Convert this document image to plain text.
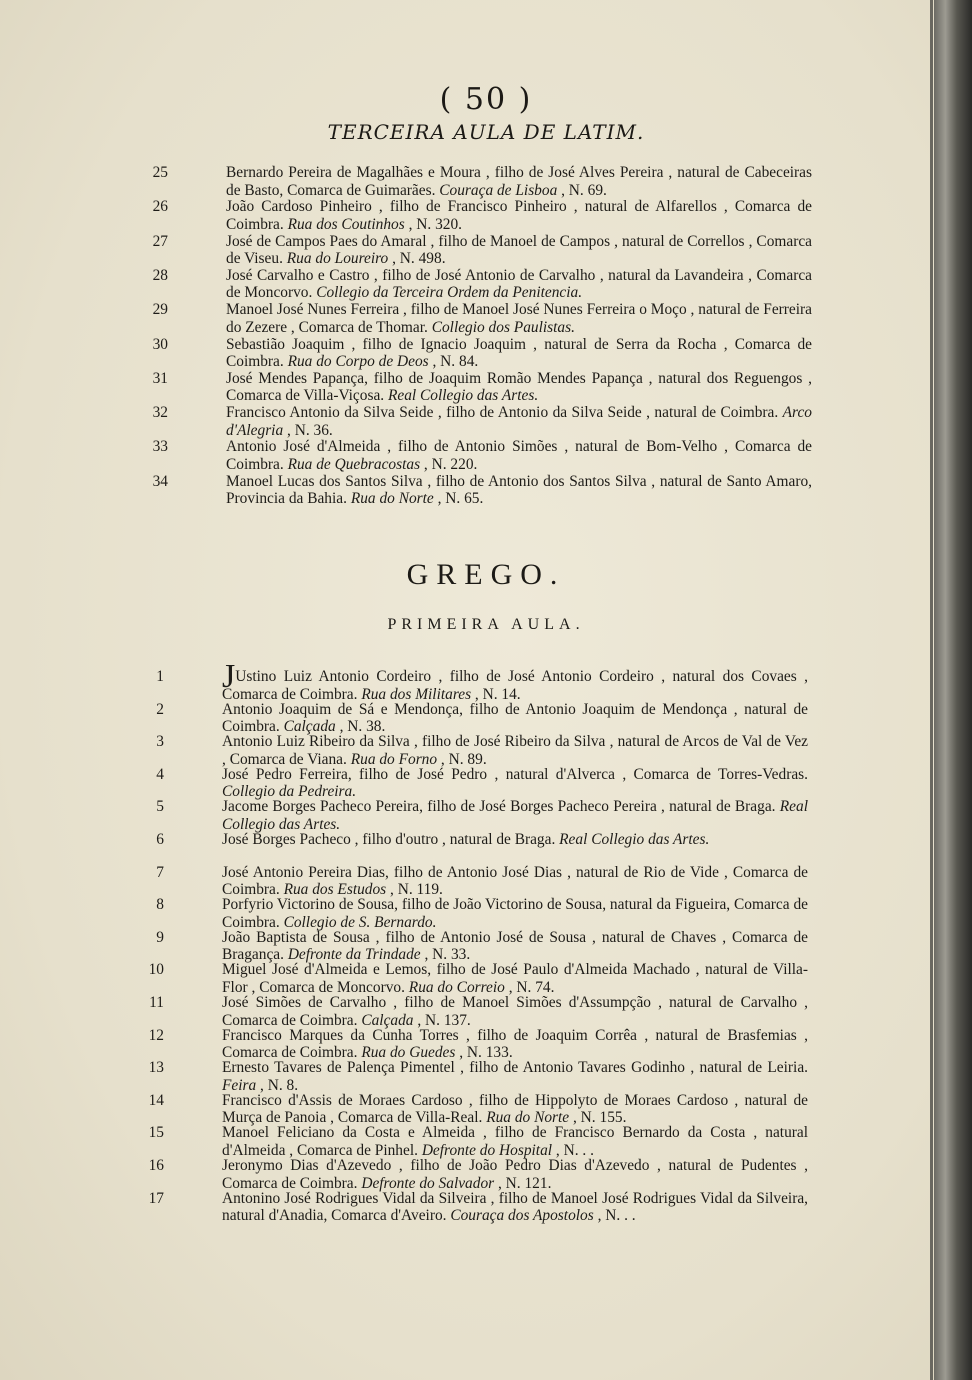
( 50 )
TERCEIRA AULA DE LATIM.
25	Bernardo Pereira de Magalhães e Moura , filho de José Alves Pereira , natural de Cabeceiras de Basto, Comarca de Guimarães. Couraça de Lisboa , N. 69.
26	João Cardoso Pinheiro , filho de Francisco Pinheiro , natural de Alfarellos , Comarca de Coimbra. Rua dos Coutinhos , N. 320.
27	José de Campos Paes do Amaral , filho de Manoel de Campos , natural de Correllos , Comarca de Viseu. Rua do Loureiro , N. 498.
28	José Carvalho e Castro , filho de José Antonio de Carvalho , natural da Lavandeira , Comarca de Moncorvo. Collegio da Terceira Ordem da Penitencia.
29	Manoel José Nunes Ferreira , filho de Manoel José Nunes Ferreira o Moço , natural de Ferreira do Zezere , Comarca de Thomar. Collegio dos Paulistas.
30	Sebastião Joaquim , filho de Ignacio Joaquim , natural de Serra da Rocha , Comarca de Coimbra. Rua do Corpo de Deos , N. 84.
31	José Mendes Papança, filho de Joaquim Romão Mendes Papança , natural dos Reguengos , Comarca de Villa-Viçosa. Real Collegio das Artes.
32	Francisco Antonio da Silva Seide , filho de Antonio da Silva Seide , natural de Coimbra. Arco d'Alegria , N. 36.
33	Antonio José d'Almeida , filho de Antonio Simões , natural de Bom-Velho , Comarca de Coimbra. Rua de Quebracostas , N. 220.
34	Manoel Lucas dos Santos Silva , filho de Antonio dos Santos Silva , natural de Santo Amaro, Provincia da Bahia. Rua do Norte , N. 65.
GREGO.
PRIMEIRA AULA.
1	JUstino Luiz Antonio Cordeiro , filho de José Antonio Cordeiro , natural dos Covaes , Comarca de Coimbra. Rua dos Militares , N. 14.
2	Antonio Joaquim de Sá e Mendonça, filho de Antonio Joaquim de Mendonça , natural de Coimbra. Calçada , N. 38.
3	Antonio Luiz Ribeiro da Silva , filho de José Ribeiro da Silva , natural de Arcos de Val de Vez , Comarca de Viana. Rua do Forno , N. 89.
4	José Pedro Ferreira, filho de José Pedro , natural d'Alverca , Comarca de Torres-Vedras. Collegio da Pedreira.
5	Jacome Borges Pacheco Pereira, filho de José Borges Pacheco Pereira , natural de Braga. Real Collegio das Artes.
6	José Borges Pacheco , filho d'outro , natural de Braga. Real Collegio das Artes.
7	José Antonio Pereira Dias, filho de Antonio José Dias , natural de Rio de Vide , Comarca de Coimbra. Rua dos Estudos , N. 119.
8	Porfyrio Victorino de Sousa, filho de João Victorino de Sousa, natural da Figueira, Comarca de Coimbra. Collegio de S. Bernardo.
9	João Baptista de Sousa , filho de Antonio José de Sousa , natural de Chaves , Comarca de Bragança. Defronte da Trindade , N. 33.
10	Miguel José d'Almeida e Lemos, filho de José Paulo d'Almeida Machado , natural de Villa-Flor , Comarca de Moncorvo. Rua do Correio , N. 74.
11	José Simões de Carvalho , filho de Manoel Simões d'Assumpção , natural de Carvalho , Comarca de Coimbra. Calçada , N. 137.
12	Francisco Marques da Cunha Torres , filho de Joaquim Corrêa , natural de Brasfemias , Comarca de Coimbra. Rua do Guedes , N. 133.
13	Ernesto Tavares de Palença Pimentel , filho de Antonio Tavares Godinho , natural de Leiria. Feira , N. 8.
14	Francisco d'Assis de Moraes Cardoso , filho de Hippolyto de Moraes Cardoso , natural de Murça de Panoia , Comarca de Villa-Real. Rua do Norte , N. 155.
15	Manoel Feliciano da Costa e Almeida , filho de Francisco Bernardo da Costa , natural d'Almeida , Comarca de Pinhel. Defronte do Hospital , N. . .
16	Jeronymo Dias d'Azevedo , filho de João Pedro Dias d'Azevedo , natural de Pudentes , Comarca de Coimbra. Defronte do Salvador , N. 121.
17	Antonino José Rodrigues Vidal da Silveira , filho de Manoel José Rodrigues Vidal da Silveira, natural d'Anadia, Comarca d'Aveiro. Couraça dos Apostolos , N. . .
